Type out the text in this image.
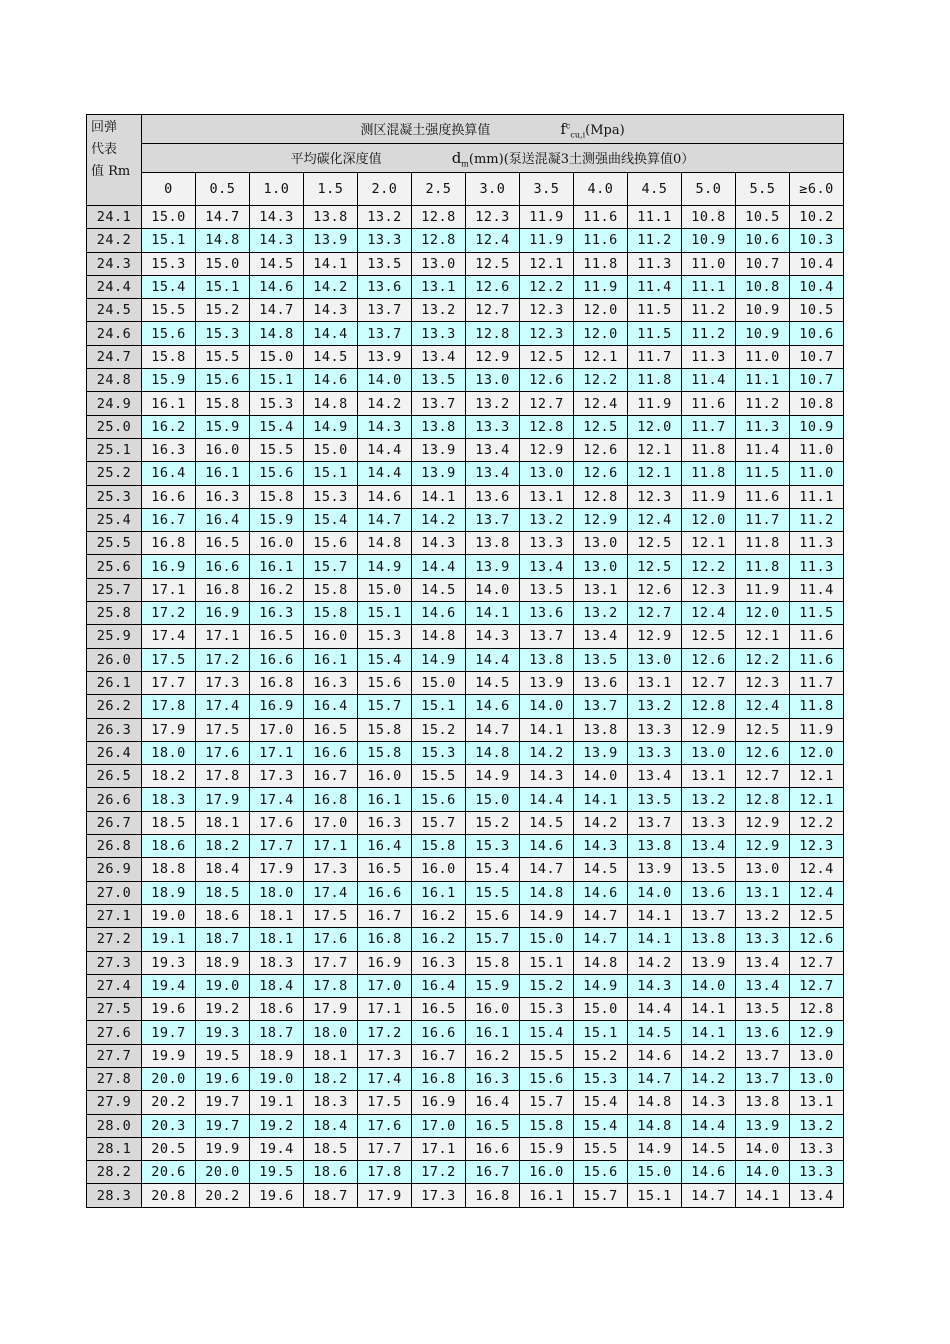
回弹
代表
值 Rm	测区混凝土强度换算值 $f^c_{cu,i}(Mpa)$												
	平均碳化深度值 $d_m(mm)$(泵送混凝3土测强曲线换算值0）												
	0	0.5	1.0	1.5	2.0	2.5	3.0	3.5	4.0	4.5	5.0	5.5	≥6.0
24.1	15.0	14.7	14.3	13.8	13.2	12.8	12.3	11.9	11.6	11.1	10.8	10.5	10.2
24.2	15.1	14.8	14.3	13.9	13.3	12.8	12.4	11.9	11.6	11.2	10.9	10.6	10.3
24.3	15.3	15.0	14.5	14.1	13.5	13.0	12.5	12.1	11.8	11.3	11.0	10.7	10.4
24.4	15.4	15.1	14.6	14.2	13.6	13.1	12.6	12.2	11.9	11.4	11.1	10.8	10.4
24.5	15.5	15.2	14.7	14.3	13.7	13.2	12.7	12.3	12.0	11.5	11.2	10.9	10.5
24.6	15.6	15.3	14.8	14.4	13.7	13.3	12.8	12.3	12.0	11.5	11.2	10.9	10.6
24.7	15.8	15.5	15.0	14.5	13.9	13.4	12.9	12.5	12.1	11.7	11.3	11.0	10.7
24.8	15.9	15.6	15.1	14.6	14.0	13.5	13.0	12.6	12.2	11.8	11.4	11.1	10.7
24.9	16.1	15.8	15.3	14.8	14.2	13.7	13.2	12.7	12.4	11.9	11.6	11.2	10.8
25.0	16.2	15.9	15.4	14.9	14.3	13.8	13.3	12.8	12.5	12.0	11.7	11.3	10.9
25.1	16.3	16.0	15.5	15.0	14.4	13.9	13.4	12.9	12.6	12.1	11.8	11.4	11.0
25.2	16.4	16.1	15.6	15.1	14.4	13.9	13.4	13.0	12.6	12.1	11.8	11.5	11.0
25.3	16.6	16.3	15.8	15.3	14.6	14.1	13.6	13.1	12.8	12.3	11.9	11.6	11.1
25.4	16.7	16.4	15.9	15.4	14.7	14.2	13.7	13.2	12.9	12.4	12.0	11.7	11.2
25.5	16.8	16.5	16.0	15.6	14.8	14.3	13.8	13.3	13.0	12.5	12.1	11.8	11.3
25.6	16.9	16.6	16.1	15.7	14.9	14.4	13.9	13.4	13.0	12.5	12.2	11.8	11.3
25.7	17.1	16.8	16.2	15.8	15.0	14.5	14.0	13.5	13.1	12.6	12.3	11.9	11.4
25.8	17.2	16.9	16.3	15.8	15.1	14.6	14.1	13.6	13.2	12.7	12.4	12.0	11.5
25.9	17.4	17.1	16.5	16.0	15.3	14.8	14.3	13.7	13.4	12.9	12.5	12.1	11.6
26.0	17.5	17.2	16.6	16.1	15.4	14.9	14.4	13.8	13.5	13.0	12.6	12.2	11.6
26.1	17.7	17.3	16.8	16.3	15.6	15.0	14.5	13.9	13.6	13.1	12.7	12.3	11.7
26.2	17.8	17.4	16.9	16.4	15.7	15.1	14.6	14.0	13.7	13.2	12.8	12.4	11.8
26.3	17.9	17.5	17.0	16.5	15.8	15.2	14.7	14.1	13.8	13.3	12.9	12.5	11.9
26.4	18.0	17.6	17.1	16.6	15.8	15.3	14.8	14.2	13.9	13.3	13.0	12.6	12.0
26.5	18.2	17.8	17.3	16.7	16.0	15.5	14.9	14.3	14.0	13.4	13.1	12.7	12.1
26.6	18.3	17.9	17.4	16.8	16.1	15.6	15.0	14.4	14.1	13.5	13.2	12.8	12.1
26.7	18.5	18.1	17.6	17.0	16.3	15.7	15.2	14.5	14.2	13.7	13.3	12.9	12.2
26.8	18.6	18.2	17.7	17.1	16.4	15.8	15.3	14.6	14.3	13.8	13.4	12.9	12.3
26.9	18.8	18.4	17.9	17.3	16.5	16.0	15.4	14.7	14.5	13.9	13.5	13.0	12.4
27.0	18.9	18.5	18.0	17.4	16.6	16.1	15.5	14.8	14.6	14.0	13.6	13.1	12.4
27.1	19.0	18.6	18.1	17.5	16.7	16.2	15.6	14.9	14.7	14.1	13.7	13.2	12.5
27.2	19.1	18.7	18.1	17.6	16.8	16.2	15.7	15.0	14.7	14.1	13.8	13.3	12.6
27.3	19.3	18.9	18.3	17.7	16.9	16.3	15.8	15.1	14.8	14.2	13.9	13.4	12.7
27.4	19.4	19.0	18.4	17.8	17.0	16.4	15.9	15.2	14.9	14.3	14.0	13.4	12.7
27.5	19.6	19.2	18.6	17.9	17.1	16.5	16.0	15.3	15.0	14.4	14.1	13.5	12.8
27.6	19.7	19.3	18.7	18.0	17.2	16.6	16.1	15.4	15.1	14.5	14.1	13.6	12.9
27.7	19.9	19.5	18.9	18.1	17.3	16.7	16.2	15.5	15.2	14.6	14.2	13.7	13.0
27.8	20.0	19.6	19.0	18.2	17.4	16.8	16.3	15.6	15.3	14.7	14.2	13.7	13.0
27.9	20.2	19.7	19.1	18.3	17.5	16.9	16.4	15.7	15.4	14.8	14.3	13.8	13.1
28.0	20.3	19.7	19.2	18.4	17.6	17.0	16.5	15.8	15.4	14.8	14.4	13.9	13.2
28.1	20.5	19.9	19.4	18.5	17.7	17.1	16.6	15.9	15.5	14.9	14.5	14.0	13.3
28.2	20.6	20.0	19.5	18.6	17.8	17.2	16.7	16.0	15.6	15.0	14.6	14.0	13.3
28.3	20.8	20.2	19.6	18.7	17.9	17.3	16.8	16.1	15.7	15.1	14.7	14.1	13.4
